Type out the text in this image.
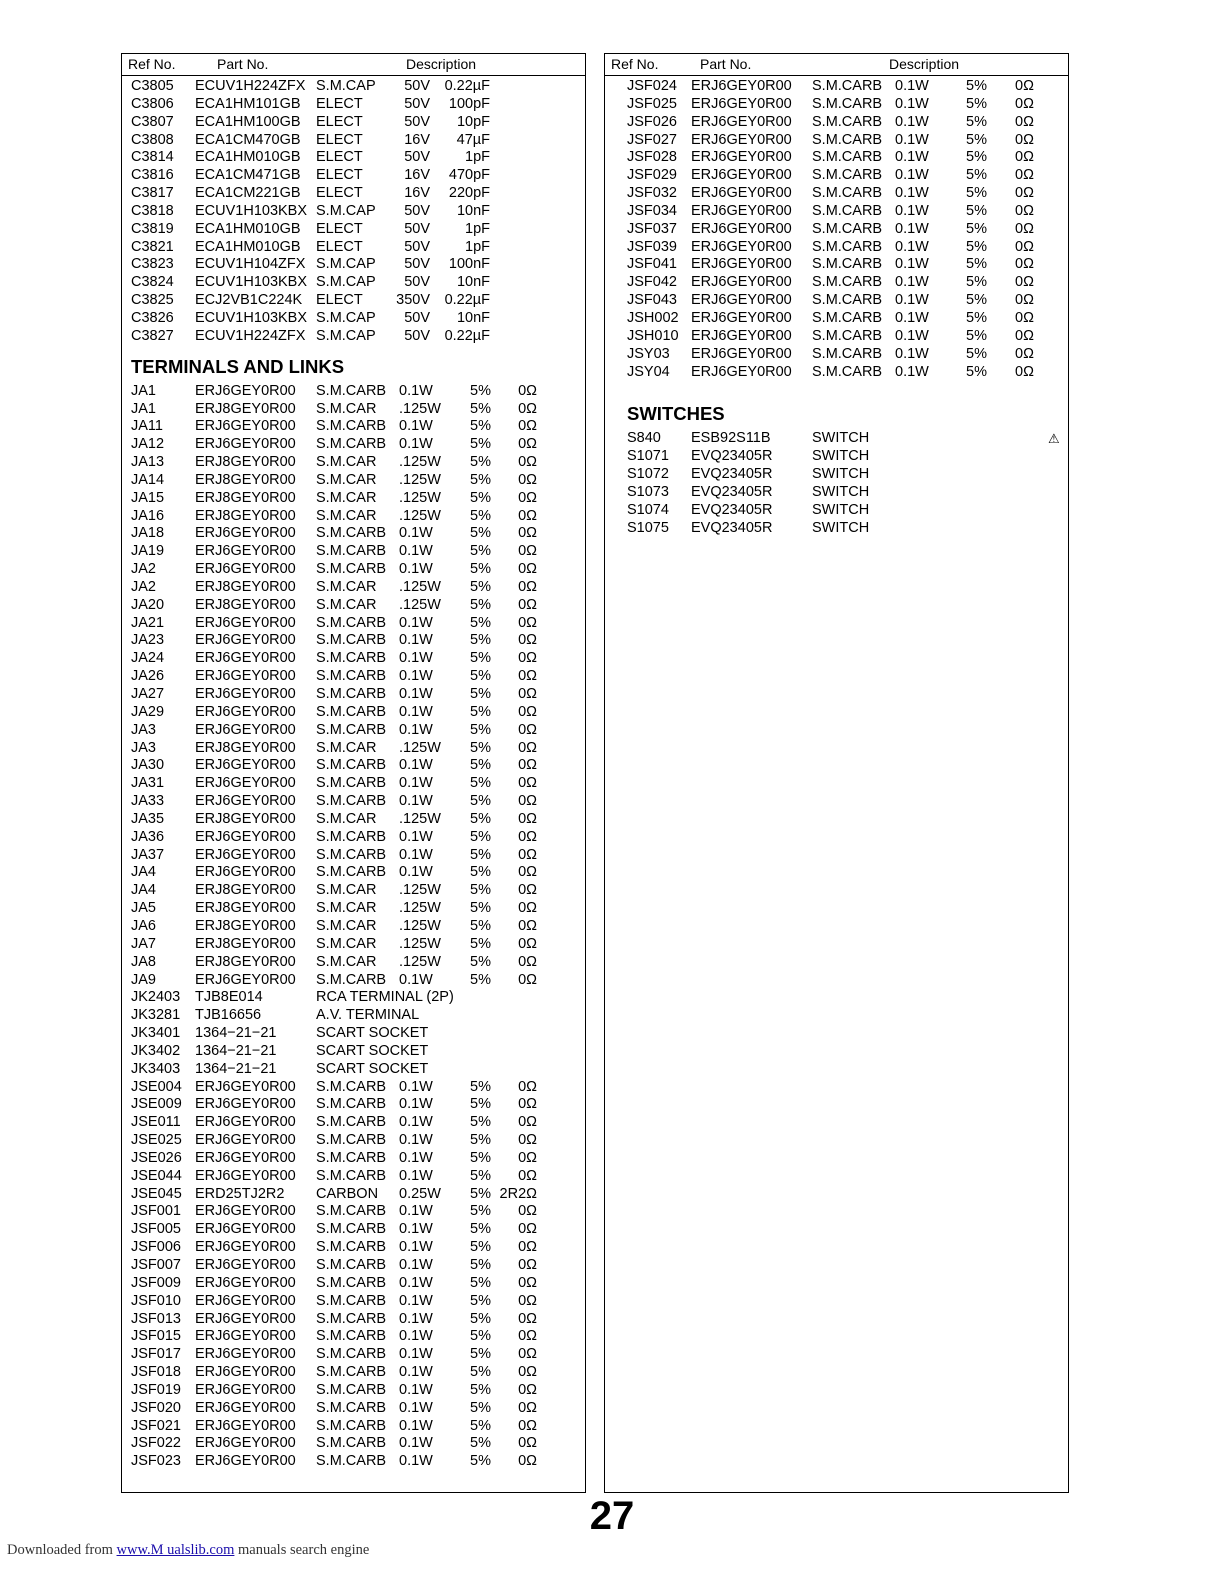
Ref No.	Part No.	Description
C3805 ECUV1H224ZFX S.M.CAP 50V 0.22µF
C3806 ECA1HM101GB ELECT	50V 100pF
C3807 ECA1HM100GB ELECT	50V 10pF
C3808 ECA1CM470GB ELECT	16V 47µF
C3814 ECA1HM010GB ELECT	50V 1pF
C3816 ECA1CM471GB ELECT	16V 470pF
C3817 ECA1CM221GB ELECT	16V 220pF
C3818 ECUV1H103KBX S.M.CAP 50V 10nF
C3819 ECA1HM010GB ELECT	50V 1pF
C3821 ECA1HM010GB ELECT	50V 1pF
C3823 ECUV1H104ZFX S.M.CAP 50V 100nF
C3824 ECUV1H103KBX S.M.CAP 50V 10nF
C3825 ECJ2VB1C224K ELECT 350V 0.22µF
C3826 ECUV1H103KBX S.M.CAP 50V 10nF
C3827 ECUV1H224ZFX S.M.CAP 50V 0.22µF
TERMINALS AND LINKS
JA1	ERJ6GEY0R00 S.M.CARB 0.1W	5% 0Ω
JA1	ERJ8GEY0R00 S.M.CAR .125W 5% 0Ω
JA11 ERJ6GEY0R00 S.M.CARB 0.1W	5% 0Ω
JA12 ERJ6GEY0R00 S.M.CARB 0.1W	5% 0Ω
JA13 ERJ8GEY0R00 S.M.CAR .125W 5% 0Ω
JA14 ERJ8GEY0R00 S.M.CAR .125W 5% 0Ω
JA15 ERJ8GEY0R00 S.M.CAR .125W 5% 0Ω
JA16 ERJ8GEY0R00 S.M.CAR .125W 5% 0Ω
JA18 ERJ6GEY0R00 S.M.CARB 0.1W	5% 0Ω
JA19 ERJ6GEY0R00 S.M.CARB 0.1W	5% 0Ω
JA2	ERJ6GEY0R00 S.M.CARB 0.1W	5% 0Ω
JA2	ERJ8GEY0R00 S.M.CAR .125W 5% 0Ω
JA20 ERJ8GEY0R00 S.M.CAR .125W 5% 0Ω
JA21 ERJ6GEY0R00 S.M.CARB 0.1W	5% 0Ω
JA23 ERJ6GEY0R00 S.M.CARB 0.1W	5% 0Ω
JA24 ERJ6GEY0R00 S.M.CARB 0.1W	5% 0Ω
JA26 ERJ6GEY0R00 S.M.CARB 0.1W	5% 0Ω
JA27 ERJ6GEY0R00 S.M.CARB 0.1W	5% 0Ω
JA29 ERJ6GEY0R00 S.M.CARB 0.1W	5% 0Ω
JA3	ERJ6GEY0R00 S.M.CARB 0.1W	5% 0Ω
JA3	ERJ8GEY0R00 S.M.CAR .125W 5% 0Ω
JA30 ERJ6GEY0R00 S.M.CARB 0.1W	5% 0Ω
JA31 ERJ6GEY0R00 S.M.CARB 0.1W	5% 0Ω
JA33 ERJ6GEY0R00 S.M.CARB 0.1W	5% 0Ω
JA35 ERJ8GEY0R00 S.M.CAR .125W 5% 0Ω
JA36 ERJ6GEY0R00 S.M.CARB 0.1W	5% 0Ω
JA37 ERJ6GEY0R00 S.M.CARB 0.1W	5% 0Ω
JA4	ERJ6GEY0R00 S.M.CARB 0.1W	5% 0Ω
JA4	ERJ8GEY0R00 S.M.CAR .125W 5% 0Ω
JA5	ERJ8GEY0R00 S.M.CAR .125W 5% 0Ω
JA6	ERJ8GEY0R00 S.M.CAR .125W 5% 0Ω
JA7	ERJ8GEY0R00 S.M.CAR .125W 5% 0Ω
JA8	ERJ8GEY0R00 S.M.CAR .125W 5% 0Ω
JA9	ERJ6GEY0R00 S.M.CARB 0.1W	5% 0Ω
JK2403 TJB8E014	RCA TERMINAL (2P)
JK3281 TJB16656	A.V. TERMINAL
JK3401 1364−21−21	SCART SOCKET
JK3402 1364−21−21	SCART SOCKET
JK3403 1364−21−21	SCART SOCKET
JSE004 ERJ6GEY0R00 S.M.CARB 0.1W	5% 0Ω
JSE009 ERJ6GEY0R00 S.M.CARB 0.1W	5% 0Ω
JSE011 ERJ6GEY0R00 S.M.CARB 0.1W	5% 0Ω
JSE025 ERJ6GEY0R00 S.M.CARB 0.1W	5% 0Ω
JSE026 ERJ6GEY0R00 S.M.CARB 0.1W	5% 0Ω
JSE044 ERJ6GEY0R00 S.M.CARB 0.1W	5% 0Ω
JSE045 ERD25TJ2R2 CARBON 0.25W 5% 2R2Ω
JSF001 ERJ6GEY0R00 S.M.CARB 0.1W	5% 0Ω
JSF005 ERJ6GEY0R00 S.M.CARB 0.1W	5% 0Ω
JSF006 ERJ6GEY0R00 S.M.CARB 0.1W	5% 0Ω
JSF007 ERJ6GEY0R00 S.M.CARB 0.1W	5% 0Ω
JSF009 ERJ6GEY0R00 S.M.CARB 0.1W	5% 0Ω
JSF010 ERJ6GEY0R00 S.M.CARB 0.1W	5% 0Ω
JSF013 ERJ6GEY0R00 S.M.CARB 0.1W	5% 0Ω
JSF015 ERJ6GEY0R00 S.M.CARB 0.1W	5% 0Ω
JSF017 ERJ6GEY0R00 S.M.CARB 0.1W	5% 0Ω
JSF018 ERJ6GEY0R00 S.M.CARB 0.1W	5% 0Ω
JSF019 ERJ6GEY0R00 S.M.CARB 0.1W	5% 0Ω
JSF020 ERJ6GEY0R00 S.M.CARB 0.1W	5% 0Ω
JSF021 ERJ6GEY0R00 S.M.CARB 0.1W	5% 0Ω
JSF022 ERJ6GEY0R00 S.M.CARB 0.1W	5% 0Ω
JSF023 ERJ6GEY0R00 S.M.CARB 0.1W	5% 0Ω
Ref No.	Part No.	Description
JSF024 ERJ6GEY0R00 S.M.CARB 0.1W	5% 0Ω
JSF025 ERJ6GEY0R00 S.M.CARB 0.1W	5% 0Ω
JSF026 ERJ6GEY0R00 S.M.CARB 0.1W	5% 0Ω
JSF027 ERJ6GEY0R00 S.M.CARB 0.1W	5% 0Ω
JSF028 ERJ6GEY0R00 S.M.CARB 0.1W	5% 0Ω
JSF029 ERJ6GEY0R00 S.M.CARB 0.1W	5% 0Ω
JSF032 ERJ6GEY0R00 S.M.CARB 0.1W	5% 0Ω
JSF034 ERJ6GEY0R00 S.M.CARB 0.1W	5% 0Ω
JSF037 ERJ6GEY0R00 S.M.CARB 0.1W	5% 0Ω
JSF039 ERJ6GEY0R00 S.M.CARB 0.1W	5% 0Ω
JSF041 ERJ6GEY0R00 S.M.CARB 0.1W	5% 0Ω
JSF042 ERJ6GEY0R00 S.M.CARB 0.1W	5% 0Ω
JSF043 ERJ6GEY0R00 S.M.CARB 0.1W	5% 0Ω
JSH002 ERJ6GEY0R00 S.M.CARB 0.1W	5% 0Ω
JSH010 ERJ6GEY0R00 S.M.CARB 0.1W	5% 0Ω
JSY03 ERJ6GEY0R00 S.M.CARB 0.1W	5% 0Ω
JSY04 ERJ6GEY0R00 S.M.CARB 0.1W	5% 0Ω
SWITCHES
S840 ESB92S11B	SWITCH	⚠
S1071 EVQ23405R	SWITCH
S1072 EVQ23405R	SWITCH
S1073 EVQ23405R	SWITCH
S1074 EVQ23405R	SWITCH
S1075 EVQ23405R	SWITCH
27
Downloaded from www.M ualslib.com manuals search engine
